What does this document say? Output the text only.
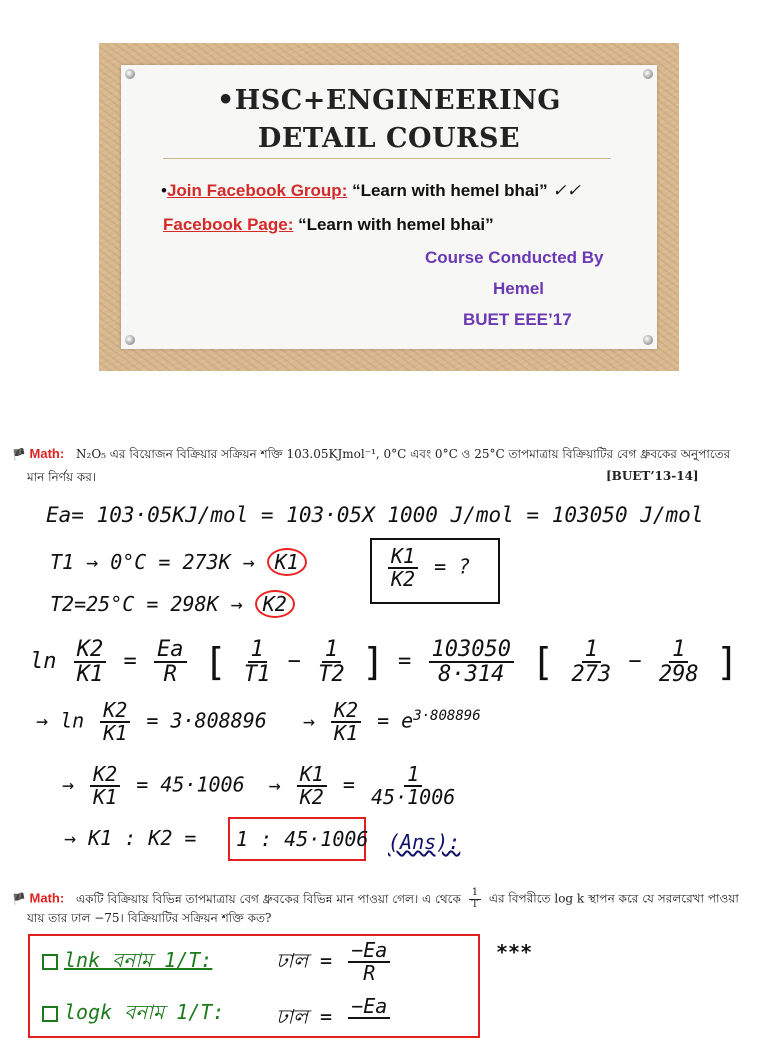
•HSC+ENGINEERING
DETAIL COURSE
•Join Facebook Group: “Learn with hemel bhai” ✓✓
Facebook Page: “Learn with hemel bhai”
Course Conducted By
Hemel
BUET EEE’17
🏴 Math: N₂O₅ এর বিয়োজন বিক্রিয়ার সক্রিয়ন শক্তি 103.05KJmol⁻¹, 0°C এবং 0°C ও 25°C তাপমাত্রায় বিক্রিয়াটির বেগ ধ্রুবকের অনুপাতের
মান নির্ণয় কর।	[BUET’13-14]
Ea= 103·05KJ/mol = 103·05X 1000 J/mol = 103050 J/mol
T1 → 0°C = 273K → K1
T2=25°C = 298K → K2
$\frac{K1}{K2}$ = ?
$\ln \frac{K2}{K1} = \frac{Ea}{R}$ [ $\frac{1}{T1} - \frac{1}{T2}$ ] = $\frac{103050}{8\cdot 314}$ [ $\frac{1}{273} - \frac{1}{298}$ ]
→ $\ln \frac{K2}{K1} = 3\cdot 808896 \to \frac{K2}{K1} = e^{3\cdot 808896}$
→ $\frac{K2}{K1} = 45\cdot 1006 \to \frac{K1}{K2} = \frac{1}{45\cdot 1006}$
→ K1 : K2 = 1 : 45·1006 (Ans):
🏴 Math: একটি বিক্রিয়ায় বিভিন্ন তাপমাত্রায় বেগ ধ্রুবকের বিভিন্ন মান পাওয়া গেল। এ থেকে $\frac{1}{T}$ এর বিপরীতে log k স্থাপন করে যে সরলরেখা পাওয়া
যায় তার ঢাল −75। বিক্রিয়াটির সক্রিয়ন শক্তি কত?
lnk বনাম 1/T:	ঢাল = $\frac{-Ea}{R}$
logk বনাম 1/T:	ঢাল = −Ea

***
